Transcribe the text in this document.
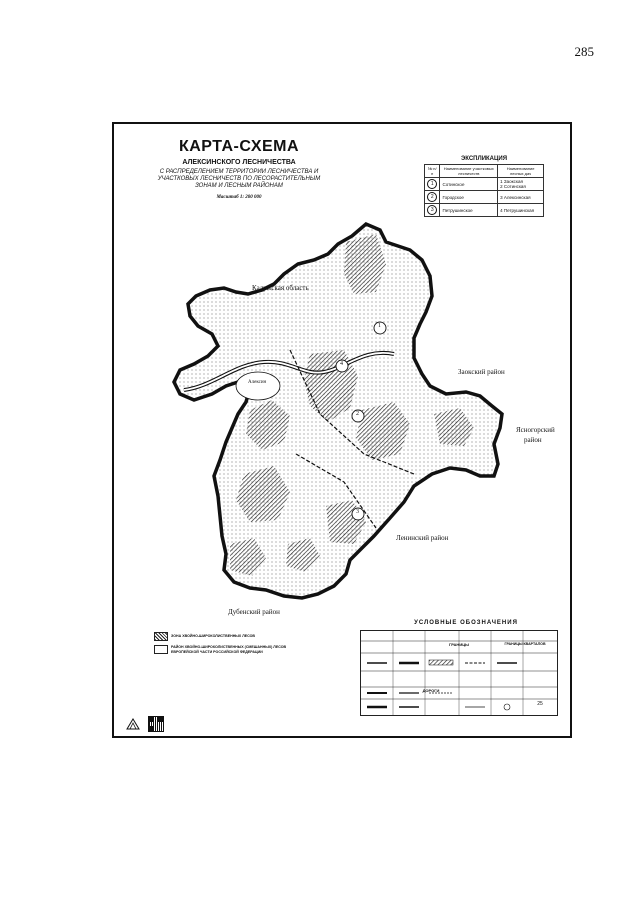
285
КАРТА-СХЕМА
АЛЕКСИНСКОГО ЛЕСНИЧЕСТВА
С РАСПРЕДЕЛЕНИЕМ ТЕРРИТОРИИ ЛЕСНИЧЕСТВА И УЧАСТКОВЫХ ЛЕСНИЧЕСТВ ПО ЛЕСОРАСТИТЕЛЬНЫМ ЗОНАМ И ЛЕСНЫМ РАЙОНАМ
Масштаб 1: 200 000
ЭКСПЛИКАЦИЯ
№ п/п	Наименование участковых лесничеств	Наименование лесных дач
1	Сотинское	1 Заокская
2 Сотинская

2	Городское	3 Алексинская
3	Петрушинское	4 Петрушинская
Калужская область
Заокский район
Ясногорский
район
Ленинский район
Дубенский район
Алексин
1
2
3
4
ЗОНА ХВОЙНО-ШИРОКОЛИСТВЕННЫХ ЛЕСОВ
РАЙОН ХВОЙНО-ШИРОКОЛИСТВЕННЫХ (СМЕШАННЫХ) ЛЕСОВ ЕВРОПЕЙСКОЙ ЧАСТИ РОССИЙСКОЙ ФЕДЕРАЦИИ
УСЛОВНЫЕ ОБОЗНАЧЕНИЯ
ГРАНИЦЫ	ГРАНИЦЫ КВАРТАЛОВ
ДОРОГИ
25
